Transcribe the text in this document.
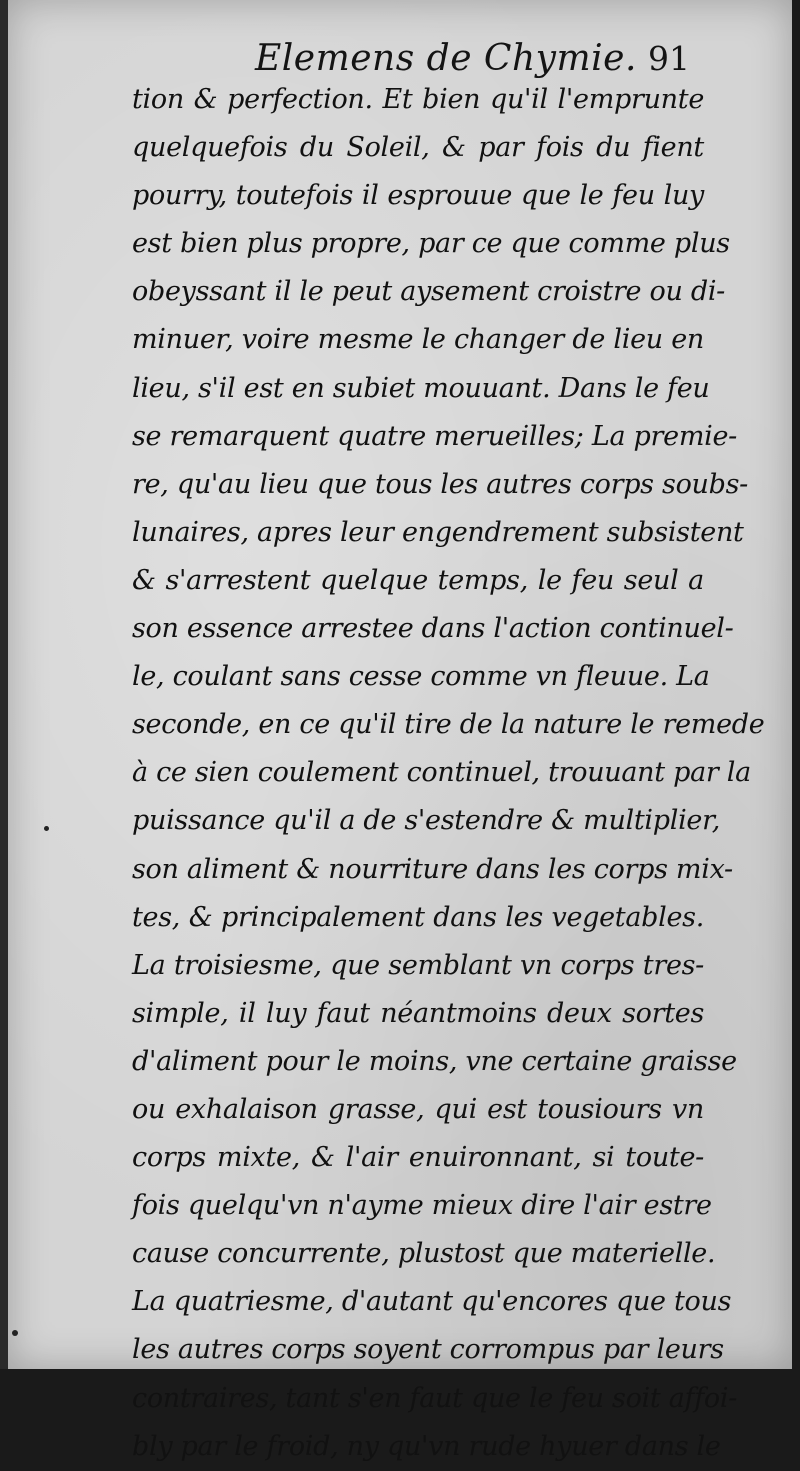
Elemens de Chymie. 91
tion & perfection. Et bien qu'il l'emprunte
quelquefois du Soleil, & par fois du fient
pourry, toutefois il esprouue que le feu luy
est bien plus propre, par ce que comme plus
obeyssant il le peut aysement croistre ou di-
minuer, voire mesme le changer de lieu en
lieu, s'il est en subiet mouuant. Dans le feu
se remarquent quatre merueilles; La premie-
re, qu'au lieu que tous les autres corps soubs-
lunaires, apres leur engendrement subsistent
& s'arrestent quelque temps, le feu seul a
son essence arrestee dans l'action continuel-
le, coulant sans cesse comme vn fleuue. La
seconde, en ce qu'il tire de la nature le remede
à ce sien coulement continuel, trouuant par la
puissance qu'il a de s'estendre & multiplier,
son aliment & nourriture dans les corps mix-
tes, & principalement dans les vegetables.
La troisiesme, que semblant vn corps tres-
simple, il luy faut néantmoins deux sortes
d'aliment pour le moins, vne certaine graisse
ou exhalaison grasse, qui est tousiours vn
corps mixte, & l'air enuironnant, si toute-
fois quelqu'vn n'ayme mieux dire l'air estre
cause concurrente, plustost que materielle.
La quatriesme, d'autant qu'encores que tous
les autres corps soyent corrompus par leurs
contraires, tant s'en faut que le feu soit affoi-
bly par le froid, ny qu'vn rude hyuer dans le
